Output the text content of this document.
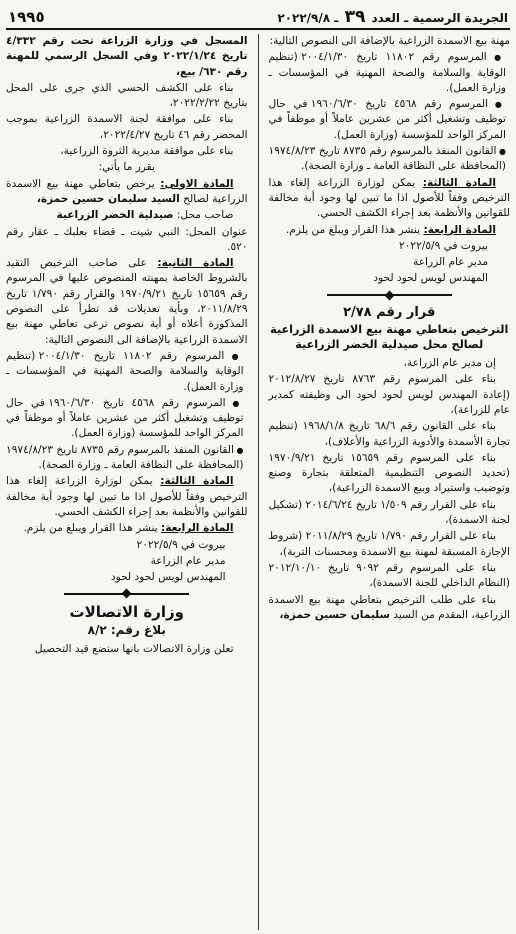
١٩٩٥	الجريدة الرسمية ـ العدد ٣٩ ـ ٢٠٢٢/٩/٨

مهنة بيع الاسمدة الزراعية بالإضافة الى النصوص التالية:

● المرسوم رقم ١١٨٠٢ تاريخ ٢٠٠٤/١/٣٠ (تنظيم الوقاية والسلامة والصحة المهنية في المؤسسات ـ وزارة العمل).

● المرسوم رقم ٤٥٦٨ تاريخ ١٩٦٠/٦/٣٠ في حال توظيف وتشغيل أكثر من عشرين عاملاً أو موظفاً في المركز الواحد للمؤسسة (وزارة العمل).

● القانون المنفذ بالمرسوم رقم ٨٧٣٥ تاريخ ١٩٧٤/٨/٢٣ (المحافظة على النظافة العامة ـ وزارة الصحة).

المادة الثالثة: يمكن لوزارة الزراعة إلغاء هذا الترخيص وفقاً للأصول اذا ما تبين لها وجود أية مخالفة للقوانين والأنظمة بعد إجراء الكشف الحسي.

المادة الرابعة: ينشر هذا القرار ويبلغ من يلزم.

بيروت في ٢٠٢٢/٥/٩

مدير عام الزراعة

المهندس لويس لحود لحود

قرار رقم ٢/٧٨
الترخيص بتعاطي مهنة بيع الاسمدة الزراعية لصالح محل صيدلية الخضر الزراعية

إن مدير عام الزراعة،

بناء على المرسوم رقم ٨٧٦٣ تاريخ ٢٠١٢/٨/٢٧ (إعادة المهندس لويس لحود لحود الى وظيفته كمدير عام للزراعة)،

بناء على القانون رقم ٦٨/٦ تاريخ ١٩٦٨/١/٨ (تنظيم تجارة الأسمدة والأدوية الزراعية والأعلاف)،

بناء على المرسوم رقم ١٥٦٥٩ تاريخ ١٩٧٠/٩/٢١ (تحديد النصوص التنظيمية المتعلقة بتجارة وصنع وتوضيب واستيراد وبيع الاسمدة الزراعية)،

بناء على القرار رقم ١/٥٠٩ تاريخ ٢٠١٤/٦/٢٤ (تشكيل لجنة الاسمدة)،

بناء على القرار رقم ١/٧٩٠ تاريخ ٢٠١١/٨/٢٩ (شروط الإجازة المسبقة لمهنة بيع الاسمدة ومحسنات التربة)،

بناء على المرسوم رقم ٩٠٩٢ تاريخ ٢٠١٢/١٠/١٠ (النظام الداخلي للجنة الاسمدة)،

بناء على طلب الترخيص بتعاطي مهنة بيع الاسمدة الزراعية، المقدم من السيد سليمان حسين حمزة،

المسجل في وزارة الزراعة تحت رقم ٤/٣٣٢ تاريخ ٢٠٢٢/١/٢٤ وفي السجل الرسمي للمهنة رقم ٦٣٠/ بيع،

بناء على الكشف الحسي الذي جرى على المحل بتاريخ ٢٠٢٢/٢/٢٢،

بناء على موافقة لجنة الاسمدة الزراعية بموجب المحضر رقم ٤٦ تاريخ ٢٠٢٢/٤/٢٧،

بناء على موافقة مديرية الثروة الزراعية،

يقرر ما يأتي:

المادة الاولى: يرخص بتعاطي مهنة بيع الاسمدة الزراعية لصالح السيد سليمان حسين حمزة،

صاحب محل: صيدلية الخضر الزراعية

عنوان المحل: النبي شيت ـ قضاء بعلبك ـ عقار رقم ٥٢٠.

المادة الثانية: على صاحب الترخيص التقيد بالشروط الخاصة بمهنته المنصوص عليها في المرسوم رقم ١٥٦٥٩ تاريخ ١٩٧٠/٩/٢١ والقرار رقم ١/٧٩٠ تاريخ ٢٠١١/٨/٢٩، وبأية تعديلات قد تطرأ على النصوص المذكورة أعلاه أو أية نصوص ترعى تعاطي مهنة بيع الاسمدة الزراعية بالإضافة الى النصوص التالية:

● المرسوم رقم ١١٨٠٢ تاريخ ٢٠٠٤/١/٣٠ (تنظيم الوقاية والسلامة والصحة المهنية في المؤسسات ـ وزارة العمل).

● المرسوم رقم ٤٥٦٨ تاريخ ١٩٦٠/٦/٣٠ في حال توظيف وتشغيل أكثر من عشرين عاملاً أو موظفاً في المركز الواحد للمؤسسة (وزارة العمل).

● القانون المنفذ بالمرسوم رقم ٨٧٣٥ تاريخ ١٩٧٤/٨/٢٣ (المحافظة على النظافة العامة ـ وزارة الصحة).

المادة الثالثة: يمكن لوزارة الزراعة إلغاء هذا الترخيص وفقاً للأصول اذا ما تبين لها وجود أية مخالفة للقوانين والأنظمة بعد إجراء الكشف الحسي.

المادة الرابعة: ينشر هذا القرار ويبلغ من يلزم.

بيروت في ٢٠٢٢/٥/٩

مدير عام الزراعة

المهندس لويس لحود لحود

وزارة الاتصالات
بلاغ رقم: ٨/٢

تعلن وزارة الاتصالات بانها ستضع قيد التحصيل
